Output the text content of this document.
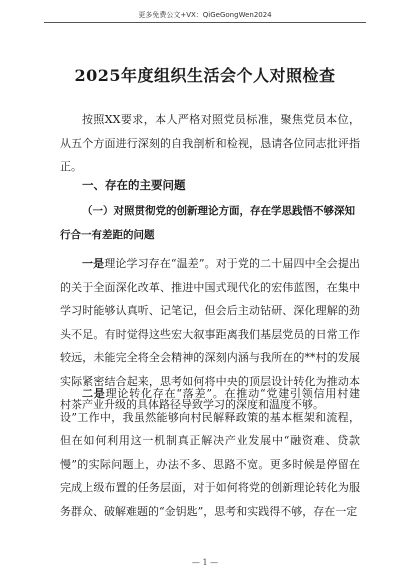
更多免费公文+VX：QiGeGongWen2024
2025年度组织生活会个人对照检查
按照XX要求，本人严格对照党员标准，聚焦党员本位，从五个方面进行深刻的自我剖析和检视，恳请各位同志批评指正。
一、存在的主要问题
（一）对照贯彻党的创新理论方面，存在学思践悟不够深知行合一有差距的问题
一是理论学习存在“温差”。对于党的二十届四中全会提出的关于全面深化改革、推进中国式现代化的宏伟蓝图，在集中学习时能够认真听、记笔记，但会后主动钻研、深化理解的劲头不足。有时觉得这些宏大叙事距离我们基层党员的日常工作较远，未能完全将全会精神的深刻内涵与我所在的**村的发展实际紧密结合起来，思考如何将中央的顶层设计转化为推动本村茶产业升级的具体路径导致学习的深度和温度不够。
二是理论转化存在“落差”。在推动“党建引领信用村建设”工作中，我虽然能够向村民解释政策的基本框架和流程，但在如何利用这一机制真正解决产业发展中“融资难、贷款慢”的实际问题上，办法不多、思路不宽。更多时候是停留在完成上级布置的任务层面，对于如何将党的创新理论转化为服务群众、破解难题的“金钥匙”，思考和实践得不够，存在一定
— 1 —
